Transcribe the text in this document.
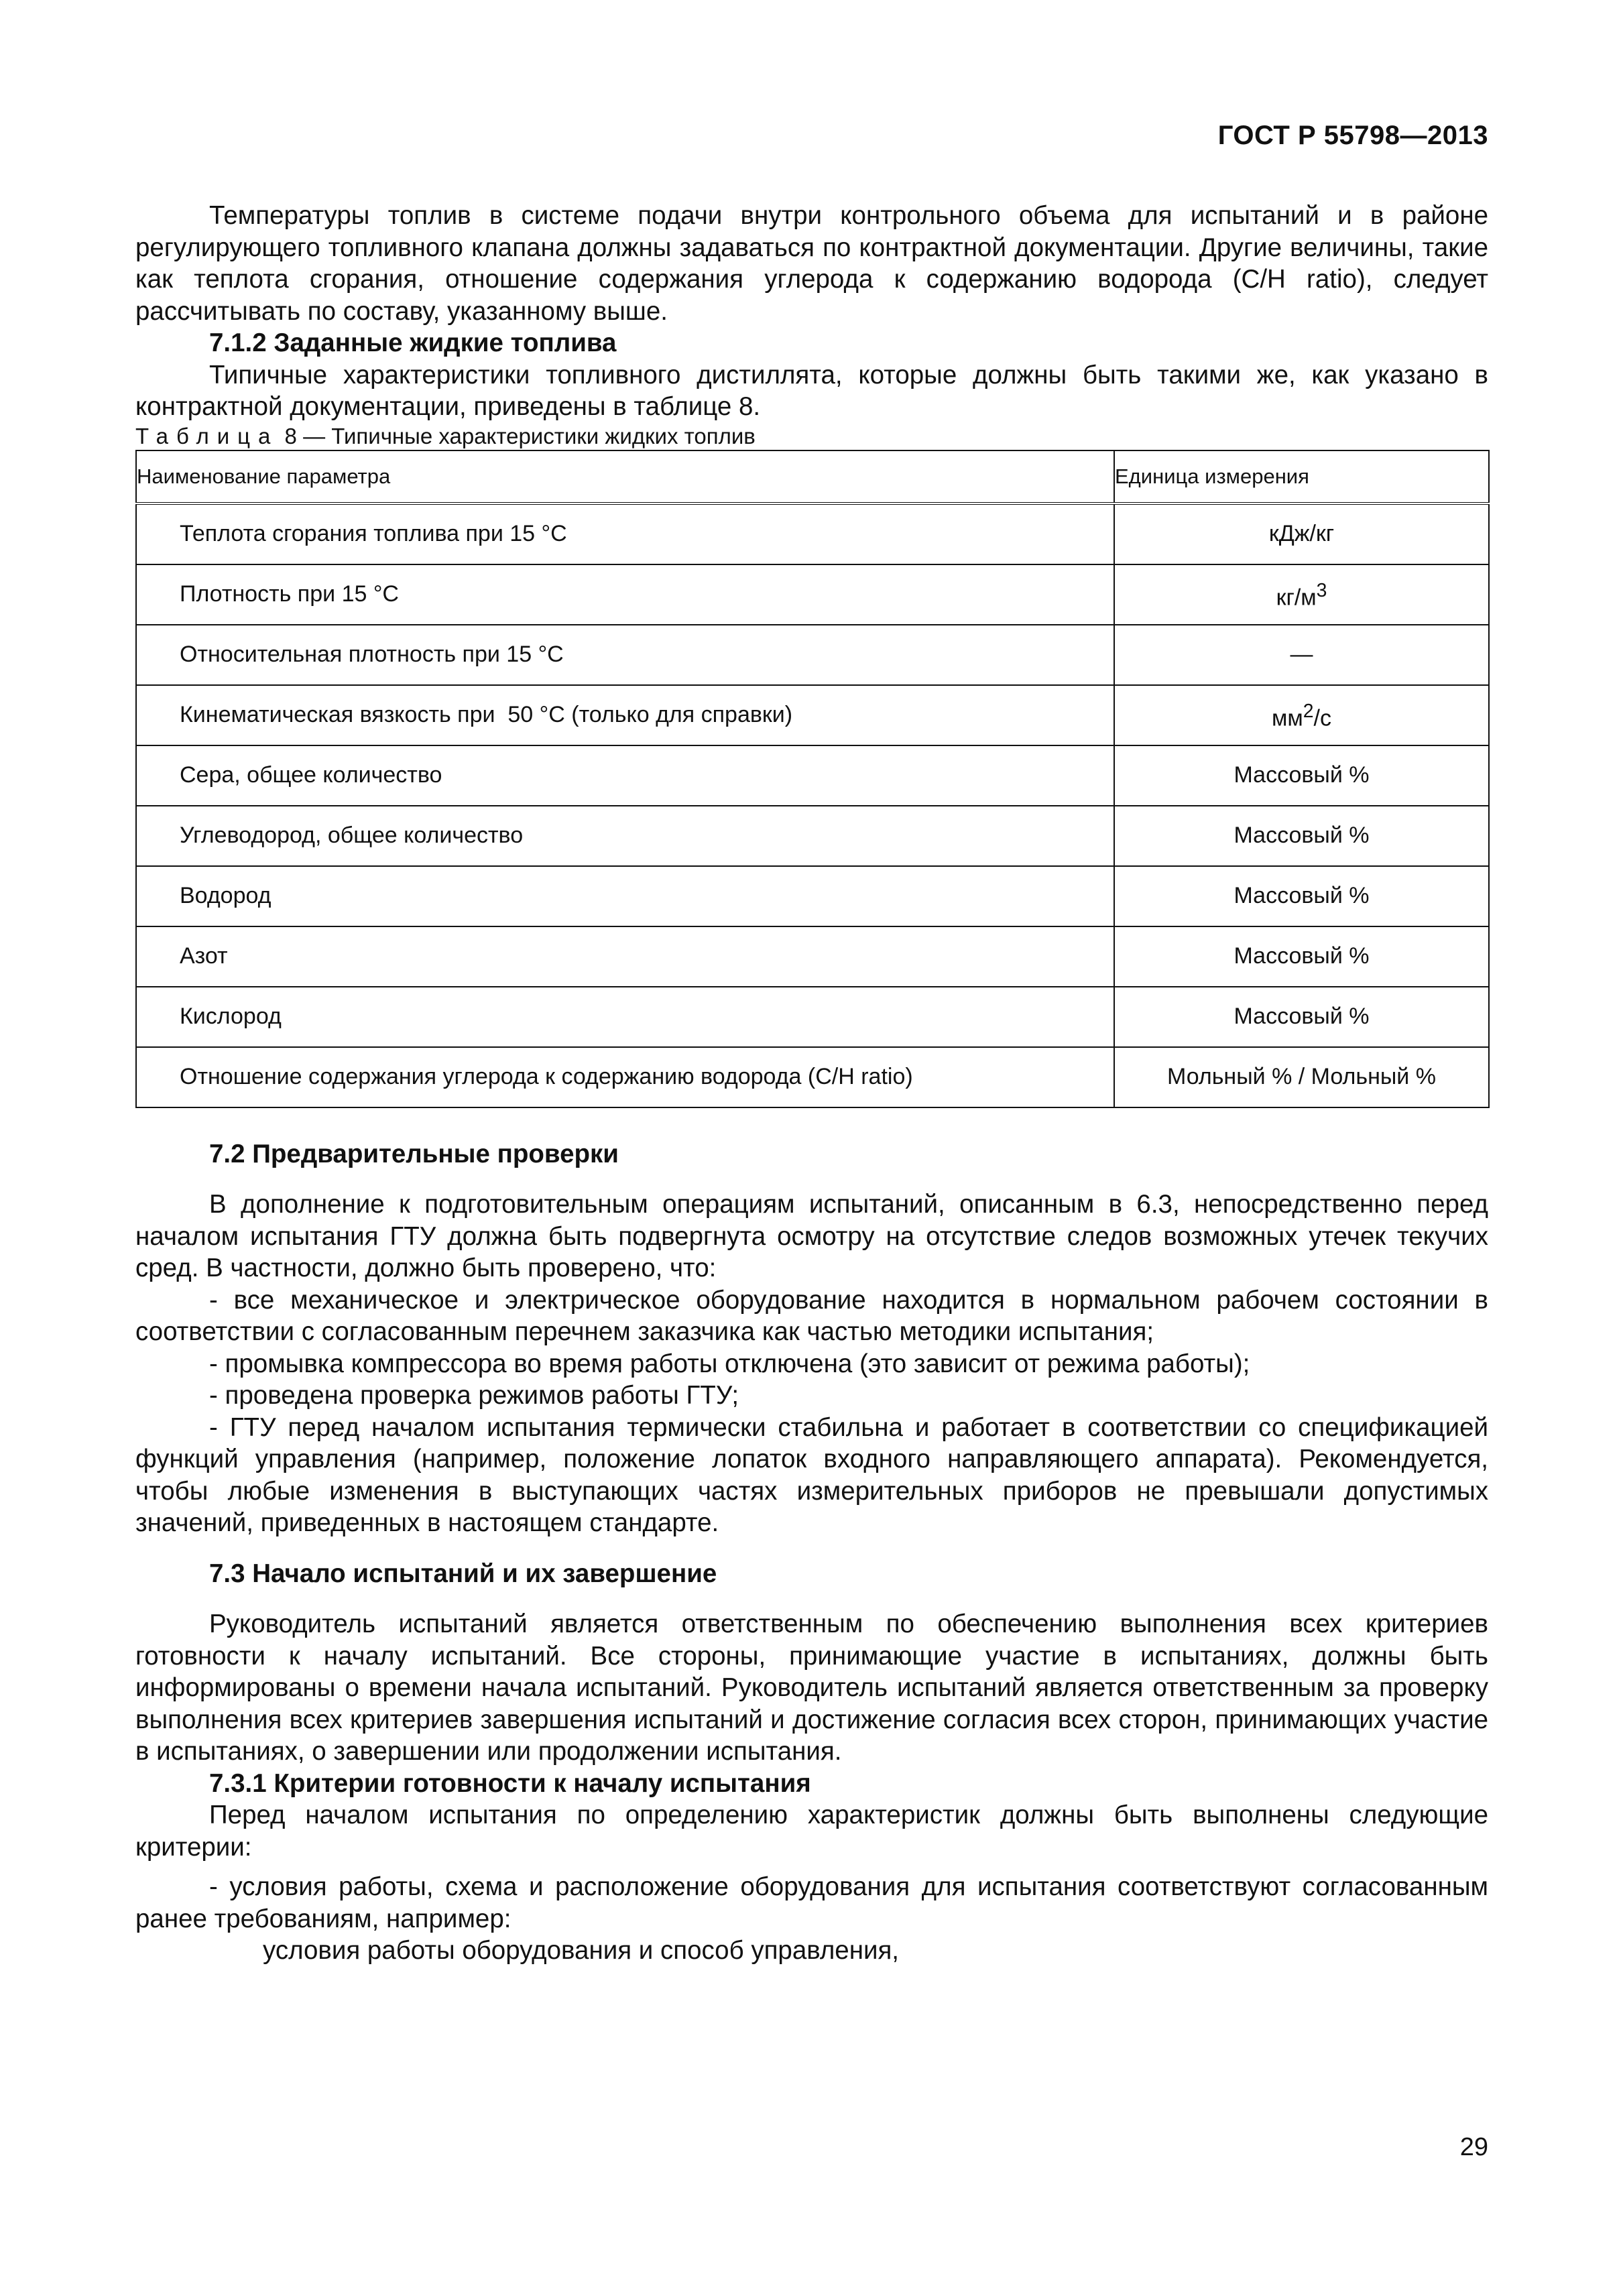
ГОСТ Р 55798—2013

Температуры топлив в системе подачи внутри контрольного объема для испытаний и в районе регулирующего топливного клапана должны задаваться по контрактной документации. Другие величины, такие как теплота сгорания, отношение содержания углерода к содержанию водорода (C/H ratio), следует рассчитывать по составу, указанному выше.

7.1.2 Заданные жидкие топлива

Типичные характеристики топливного дистиллята, которые должны быть такими же, как указано в контрактной документации, приведены в таблице 8.

Таблица 8 — Типичные характеристики жидких топлив

Наименование параметра	Единица измерения
Теплота сгорания топлива при 15 °С	кДж/кг
Плотность при 15 °С	$кг/м^3$
Относительная плотность при 15 °С	—
Кинематическая вязкость при  50 °С (только для справки)	$мм^2/с$
Сера, общее количество	Массовый %
Углеводород, общее количество	Массовый %
Водород	Массовый %
Азот	Массовый %
Кислород	Массовый %
Отношение содержания углерода к содержанию водорода (C/H ratio)	Мольный % / Мольный %
7.2 Предварительные проверки

В дополнение к подготовительным операциям испытаний, описанным в 6.3, непосредственно перед началом испытания ГТУ должна быть подвергнута осмотру на отсутствие следов возможных утечек текучих сред. В частности, должно быть проверено, что:

- все механическое и электрическое оборудование находится в нормальном рабочем состоянии в соответствии с согласованным перечнем заказчика как частью методики испытания;

- промывка компрессора во время работы отключена (это зависит от режима работы);

- проведена проверка режимов работы ГТУ;

- ГТУ перед началом испытания термически стабильна и работает в соответствии со спецификацией функций управления (например, положение лопаток входного направляющего аппарата). Рекомендуется, чтобы любые изменения в выступающих частях измерительных приборов не превышали допустимых значений, приведенных в настоящем стандарте.

7.3 Начало испытаний и их завершение

Руководитель испытаний является ответственным по обеспечению выполнения всех критериев готовности к началу испытаний. Все стороны, принимающие участие в испытаниях, должны быть информированы о времени начала испытаний. Руководитель испытаний является ответственным за проверку выполнения всех критериев завершения испытаний и достижение согласия всех сторон, принимающих участие в испытаниях, о завершении или продолжении испытания.

7.3.1 Критерии готовности к началу испытания

Перед началом испытания по определению характеристик должны быть выполнены следующие критерии:

- условия работы, схема и расположение оборудования для испытания соответствуют согласованным ранее требованиям, например:

условия работы оборудования и способ управления,

29
